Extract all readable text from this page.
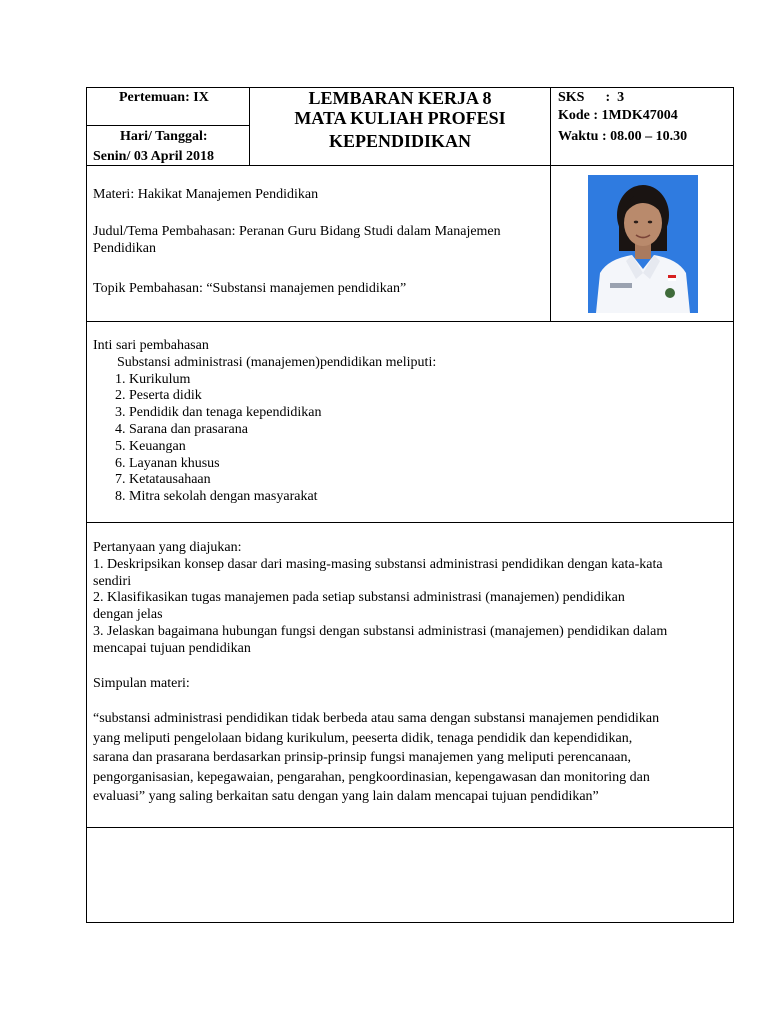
Pertemuan: IX
Hari/ Tanggal:
Senin/ 03 April 2018
LEMBARAN KERJA 8
MATA KULIAH PROFESI
KEPENDIDIKAN
SKS      :  3
Kode : 1MDK47004
Waktu : 08.00 – 10.30
Materi: Hakikat Manajemen Pendidikan
Judul/Tema Pembahasan: Peranan Guru Bidang Studi dalam Manajemen
Pendidikan
Topik Pembahasan: “Substansi manajemen pendidikan”

Inti sari pembahasan

Substansi administrasi (manajemen)pendidikan meliputi:

1. Kurikulum
2. Peserta didik
3. Pendidik dan tenaga kependidikan
4. Sarana dan prasarana
5. Keuangan
6. Layanan khusus
7. Ketatausahaan
8. Mitra sekolah dengan masyarakat

Pertanyaan yang diajukan:

1. Deskripsikan konsep dasar dari masing-masing substansi administrasi pendidikan dengan kata-kata

sendiri

2. Klasifikasikan tugas manajemen pada setiap substansi administrasi (manajemen) pendidikan

dengan jelas

3. Jelaskan bagaimana hubungan fungsi dengan substansi administrasi (manajemen) pendidikan dalam

mencapai tujuan pendidikan

Simpulan materi:
“substansi administrasi pendidikan tidak berbeda atau sama dengan substansi manajemen pendidikan
yang meliputi pengelolaan bidang kurikulum, peeserta didik, tenaga pendidik dan kependidikan,
sarana dan prasarana berdasarkan prinsip-prinsip fungsi manajemen yang meliputi perencanaan,
pengorganisasian, kepegawaian, pengarahan, pengkoordinasian, kepengawasan dan monitoring dan
evaluasi” yang saling berkaitan satu dengan yang lain dalam mencapai tujuan pendidikan”
